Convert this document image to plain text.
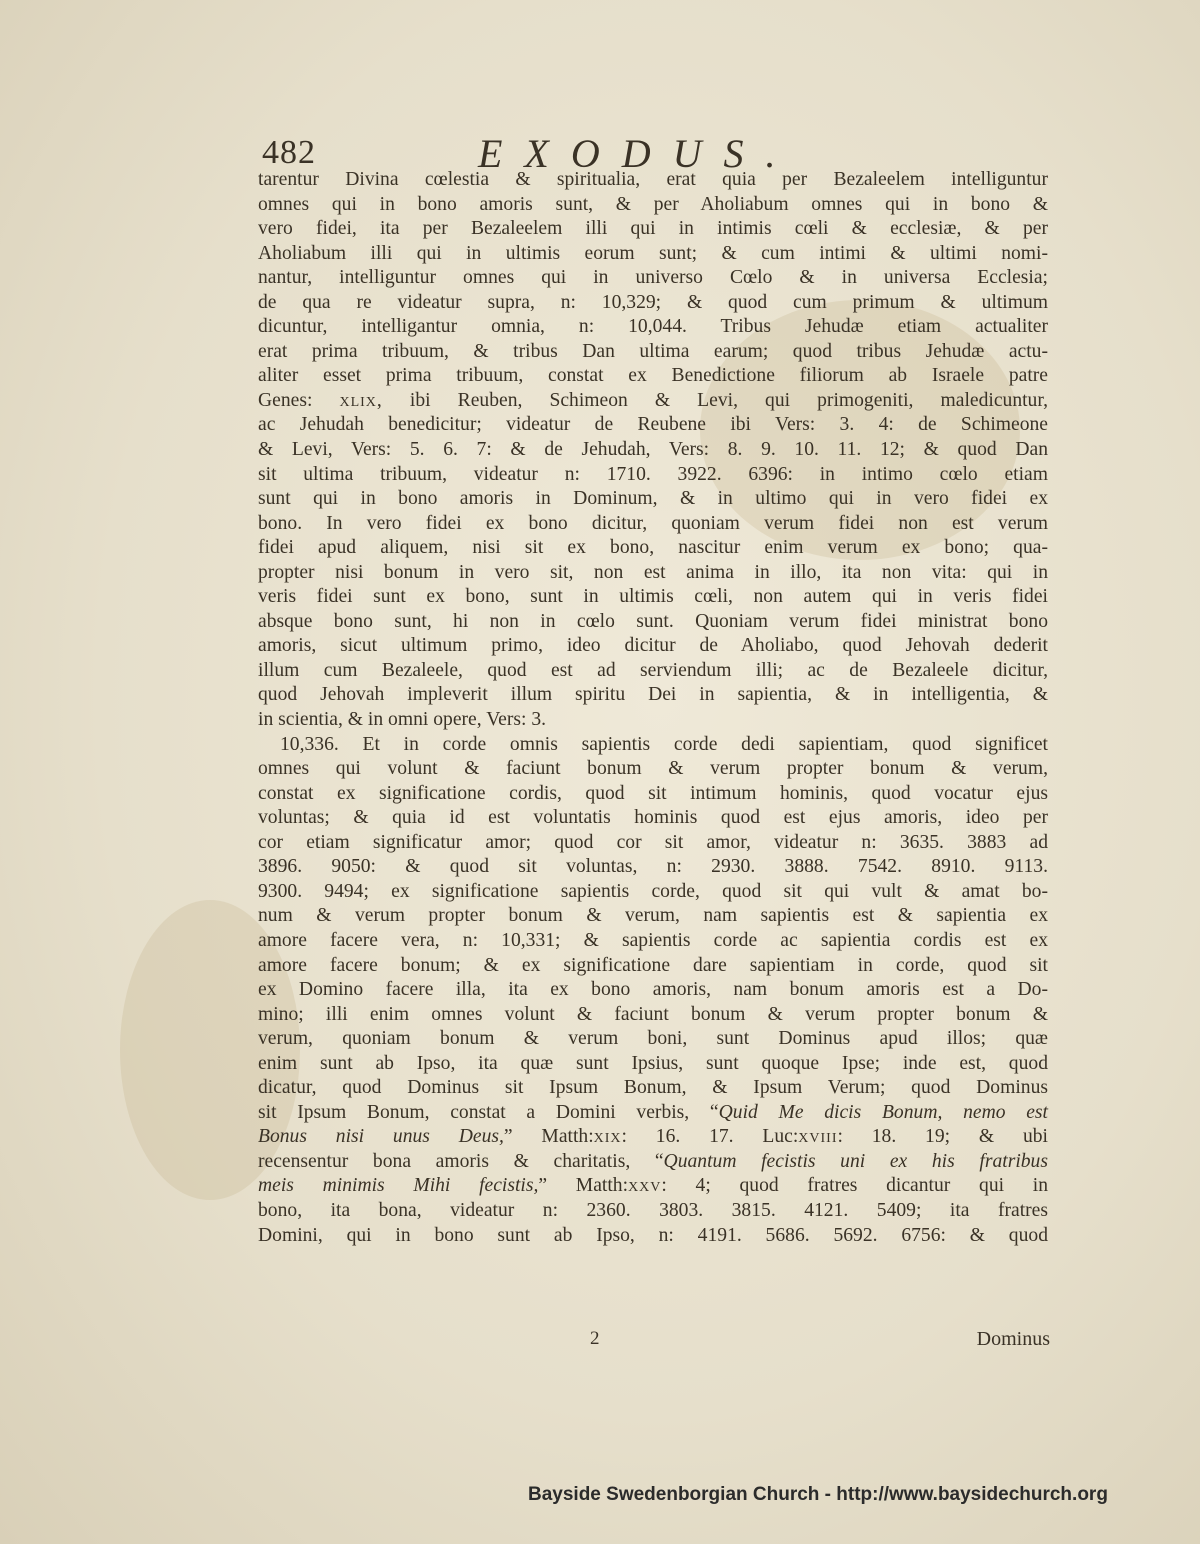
482	EXODUS.
tarentur Divina cœlestia & spiritualia, erat quia per Bezaleelem intelliguntur
omnes qui in bono amoris sunt, & per Aholiabum omnes qui in bono &
vero fidei, ita per Bezaleelem illi qui in intimis cœli & ecclesiæ, & per
Aholiabum illi qui in ultimis eorum sunt; & cum intimi & ultimi nomi-
nantur, intelliguntur omnes qui in universo Cœlo & in universa Ecclesia;
de qua re videatur supra, n: 10,329; & quod cum primum & ultimum
dicuntur, intelligantur omnia, n: 10,044. Tribus Jehudæ etiam actualiter
erat prima tribuum, & tribus Dan ultima earum; quod tribus Jehudæ actu-
aliter esset prima tribuum, constat ex Benedictione filiorum ab Israele patre
Genes: xlix, ibi Reuben, Schimeon & Levi, qui primogeniti, maledicuntur,
ac Jehudah benedicitur; videatur de Reubene ibi Vers: 3. 4: de Schimeone
& Levi, Vers: 5. 6. 7: & de Jehudah, Vers: 8. 9. 10. 11. 12; & quod Dan
sit ultima tribuum, videatur n: 1710. 3922. 6396: in intimo cœlo etiam
sunt qui in bono amoris in Dominum, & in ultimo qui in vero fidei ex
bono. In vero fidei ex bono dicitur, quoniam verum fidei non est verum
fidei apud aliquem, nisi sit ex bono, nascitur enim verum ex bono; qua-
propter nisi bonum in vero sit, non est anima in illo, ita non vita: qui in
veris fidei sunt ex bono, sunt in ultimis cœli, non autem qui in veris fidei
absque bono sunt, hi non in cœlo sunt. Quoniam verum fidei ministrat bono
amoris, sicut ultimum primo, ideo dicitur de Aholiabo, quod Jehovah dederit
illum cum Bezaleele, quod est ad serviendum illi; ac de Bezaleele dicitur,
quod Jehovah impleverit illum spiritu Dei in sapientia, & in intelligentia, &
in scientia, & in omni opere, Vers: 3.
10,336. Et in corde omnis sapientis corde dedi sapientiam, quod significet
omnes qui volunt & faciunt bonum & verum propter bonum & verum,
constat ex significatione cordis, quod sit intimum hominis, quod vocatur ejus
voluntas; & quia id est voluntatis hominis quod est ejus amoris, ideo per
cor etiam significatur amor; quod cor sit amor, videatur n: 3635. 3883 ad
3896. 9050: & quod sit voluntas, n: 2930. 3888. 7542. 8910. 9113.
9300. 9494; ex significatione sapientis corde, quod sit qui vult & amat bo-
num & verum propter bonum & verum, nam sapientis est & sapientia ex
amore facere vera, n: 10,331; & sapientis corde ac sapientia cordis est ex
amore facere bonum; & ex significatione dare sapientiam in corde, quod sit
ex Domino facere illa, ita ex bono amoris, nam bonum amoris est a Do-
mino; illi enim omnes volunt & faciunt bonum & verum propter bonum &
verum, quoniam bonum & verum boni, sunt Dominus apud illos; quæ
enim sunt ab Ipso, ita quæ sunt Ipsius, sunt quoque Ipse; inde est, quod
dicatur, quod Dominus sit Ipsum Bonum, & Ipsum Verum; quod Dominus
sit Ipsum Bonum, constat a Domini verbis, “Quid Me dicis Bonum, nemo est
Bonus nisi unus Deus,” Matth:xix: 16. 17. Luc:xviii: 18. 19; & ubi
recensentur bona amoris & charitatis, “Quantum fecistis uni ex his fratribus
meis minimis Mihi fecistis,” Matth:xxv: 4; quod fratres dicantur qui in
bono, ita bona, videatur n: 2360. 3803. 3815. 4121. 5409; ita fratres
Domini, qui in bono sunt ab Ipso, n: 4191. 5686. 5692. 6756: & quod
2	Dominus
Bayside Swedenborgian Church - http://www.baysidechurch.org
